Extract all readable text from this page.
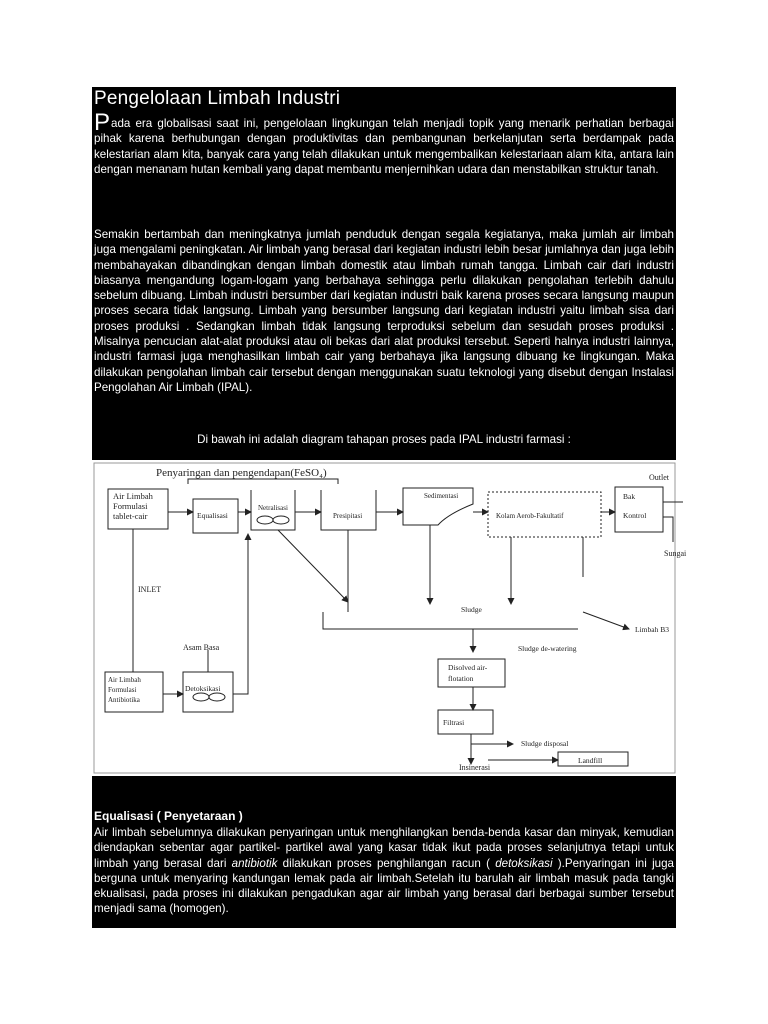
Pengelolaan Limbah Industri

Pada era globalisasi saat ini, pengelolaan lingkungan telah menjadi topik yang menarik perhatian berbagai pihak karena berhubungan dengan produktivitas dan pembangunan berkelanjutan serta berdampak pada kelestarian alam kita, banyak cara yang telah dilakukan untuk mengembalikan kelestariaan alam kita, antara lain dengan menanam hutan kembali yang dapat membantu menjernihkan udara dan menstabilkan struktur tanah.

Semakin bertambah dan meningkatnya jumlah penduduk dengan segala kegiatanya, maka jumlah air limbah juga mengalami peningkatan. Air limbah yang berasal dari kegiatan industri lebih besar jumlahnya dan juga lebih membahayakan dibandingkan dengan limbah domestik atau limbah rumah tangga. Limbah cair dari industri biasanya mengandung logam-logam yang berbahaya sehingga perlu dilakukan pengolahan terlebih dahulu sebelum dibuang. Limbah industri bersumber dari kegiatan industri baik karena proses secara langsung maupun proses secara tidak langsung. Limbah yang bersumber langsung dari kegiatan industri yaitu limbah sisa dari proses produksi . Sedangkan limbah tidak langsung terproduksi sebelum dan sesudah proses produksi . Misalnya pencucian alat-alat produksi atau oli bekas dari alat produksi tersebut. Seperti halnya industri lainnya, industri farmasi juga menghasilkan limbah cair yang berbahaya jika langsung dibuang ke lingkungan. Maka dilakukan pengolahan limbah cair tersebut dengan menggunakan suatu teknologi yang disebut dengan Instalasi Pengolahan Air Limbah (IPAL).

Di bawah ini adalah diagram tahapan proses pada IPAL industri farmasi :

Penyaringan dan pengendapan(FeSO₄)
Air Limbah
Formulasi
tablet-cair	Equalisasi
Netralisasi
Presipitasi
Sedimentasi
Kolam Aerob-Fakultatif
Bak
Kontrol
Outlet
Sungai
INLET
Sludge
Limbah B3
Asam Basa	Sludge de-watering
Air Limbah
Formulasi
Antibiotika
Detoksikasi
Disolved air-
flotation
Filtrasi
Sludge disposal
Insinerasi
Landfill
Equalisasi ( Penyetaraan )

Air limbah sebelumnya dilakukan penyaringan untuk menghilangkan benda-benda kasar dan minyak, kemudian diendapkan sebentar agar partikel- partikel awal yang kasar tidak ikut pada proses selanjutnya tetapi untuk limbah yang berasal dari antibiotik dilakukan proses penghilangan racun ( detoksikasi ).Penyaringan ini juga berguna untuk menyaring kandungan lemak pada air limbah.Setelah itu barulah air limbah masuk pada tangki ekualisasi, pada proses ini dilakukan pengadukan agar air limbah yang berasal dari berbagai sumber tersebut menjadi sama (homogen).
